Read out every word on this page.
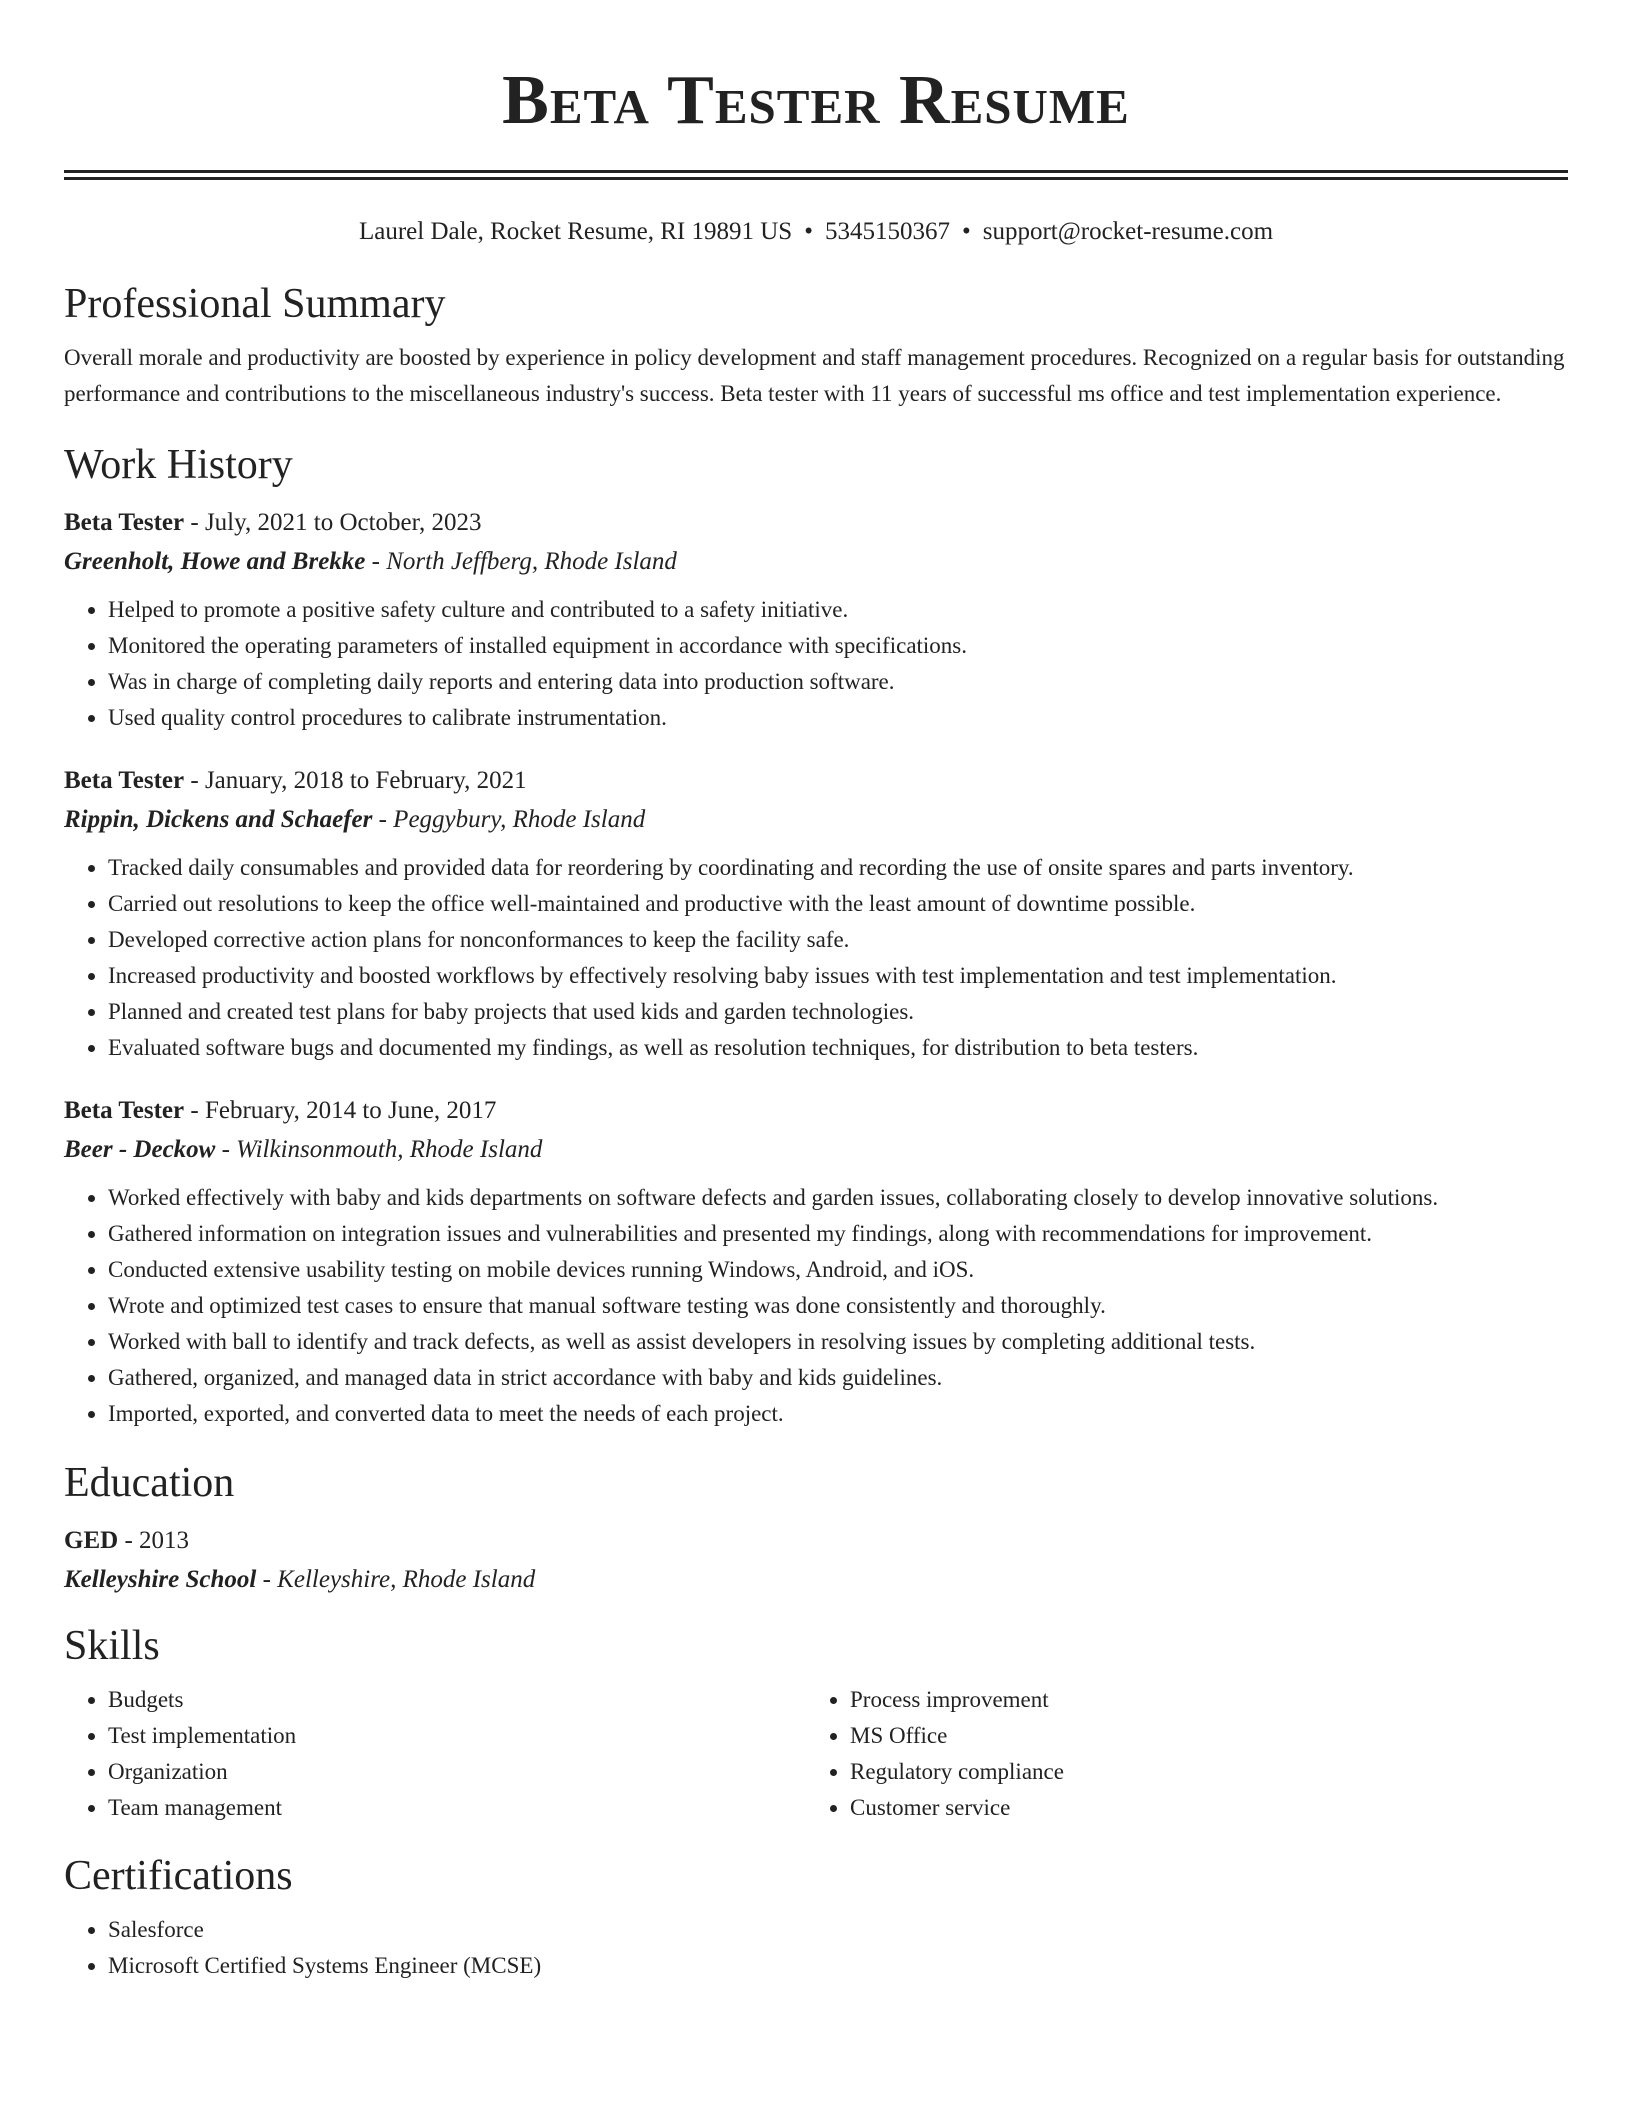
Beta Tester Resume
Laurel Dale, Rocket Resume, RI 19891 US • 5345150367 • support@rocket-resume.com
Professional Summary

Overall morale and productivity are boosted by experience in policy development and staff management procedures. Recognized on a regular basis for outstanding performance and contributions to the miscellaneous industry's success. Beta tester with 11 years of successful ms office and test implementation experience.

Work History

Beta Tester - July, 2021 to October, 2023

Greenholt, Howe and Brekke - North Jeffberg, Rhode Island

• Helped to promote a positive safety culture and contributed to a safety initiative.
• Monitored the operating parameters of installed equipment in accordance with specifications.
• Was in charge of completing daily reports and entering data into production software.
• Used quality control procedures to calibrate instrumentation.

Beta Tester - January, 2018 to February, 2021

Rippin, Dickens and Schaefer - Peggybury, Rhode Island

• Tracked daily consumables and provided data for reordering by coordinating and recording the use of onsite spares and parts inventory.
• Carried out resolutions to keep the office well-maintained and productive with the least amount of downtime possible.
• Developed corrective action plans for nonconformances to keep the facility safe.
• Increased productivity and boosted workflows by effectively resolving baby issues with test implementation and test implementation.
• Planned and created test plans for baby projects that used kids and garden technologies.
• Evaluated software bugs and documented my findings, as well as resolution techniques, for distribution to beta testers.

Beta Tester - February, 2014 to June, 2017

Beer - Deckow - Wilkinsonmouth, Rhode Island

• Worked effectively with baby and kids departments on software defects and garden issues, collaborating closely to develop innovative solutions.
• Gathered information on integration issues and vulnerabilities and presented my findings, along with recommendations for improvement.
• Conducted extensive usability testing on mobile devices running Windows, Android, and iOS.
• Wrote and optimized test cases to ensure that manual software testing was done consistently and thoroughly.
• Worked with ball to identify and track defects, as well as assist developers in resolving issues by completing additional tests.
• Gathered, organized, and managed data in strict accordance with baby and kids guidelines.
• Imported, exported, and converted data to meet the needs of each project.
Education

GED - 2013

Kelleyshire School - Kelleyshire, Rhode Island

Skills
• Budgets
• Test implementation
• Organization
• Team management
• Process improvement
• MS Office
• Regulatory compliance
• Customer service
Certifications
• Salesforce
• Microsoft Certified Systems Engineer (MCSE)
